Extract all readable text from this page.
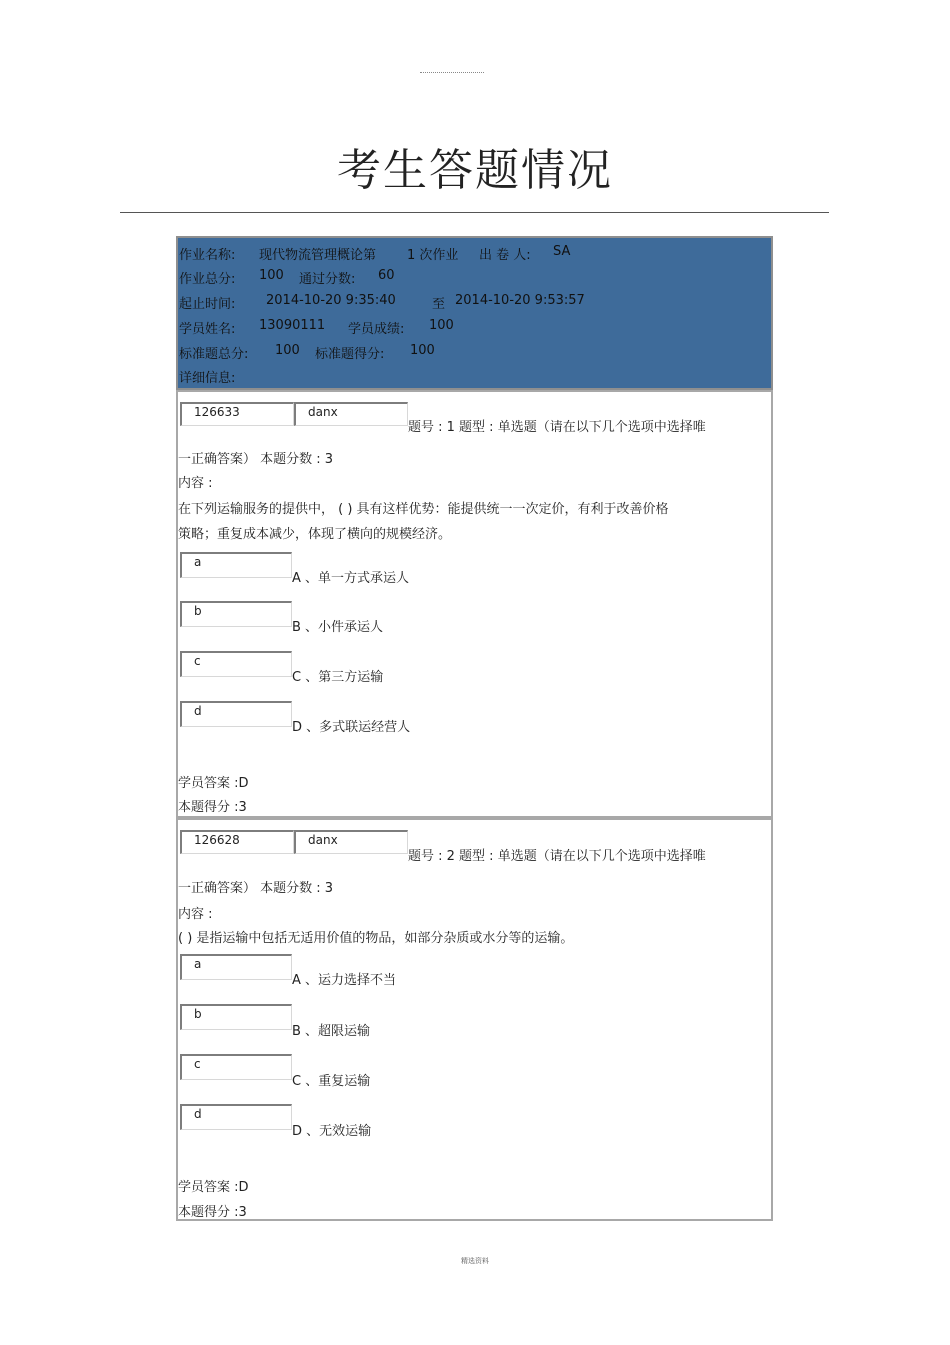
考生答题情况
作业名称: 现代物流管理概论第 1 次作业 出 卷 人: SA
作业总分: 100 通过分数: 60
起止时间: 2014-10-20 9:35:40	至 2014-10-20 9:53:57
学员姓名: 13090111 学员成绩: 100
标准题总分: 100 标准题得分: 100
详细信息:
126633	danx
题号 : 1 题型 : 单选题（请在以下几个选项中选择唯
一正确答案） 本题分数 : 3
内容 :
在下列运输服务的提供中， ( ) 具有这样优势：能提供统一一次定价，有利于改善价格
策略；重复成本减少，体现了横向的规模经济。
a
A 、单一方式承运人
b
B 、小件承运人
c
C 、第三方运输
d
D 、多式联运经营人
学员答案 :D
本题得分 :3
126628	danx
题号 : 2 题型 : 单选题（请在以下几个选项中选择唯
一正确答案） 本题分数 : 3
内容 :
( ) 是指运输中包括无适用价值的物品，如部分杂质或水分等的运输。
a
A 、运力选择不当
b
B 、超限运输
c
C 、重复运输
d
D 、无效运输
学员答案 :D
本题得分 :3
精选资料
